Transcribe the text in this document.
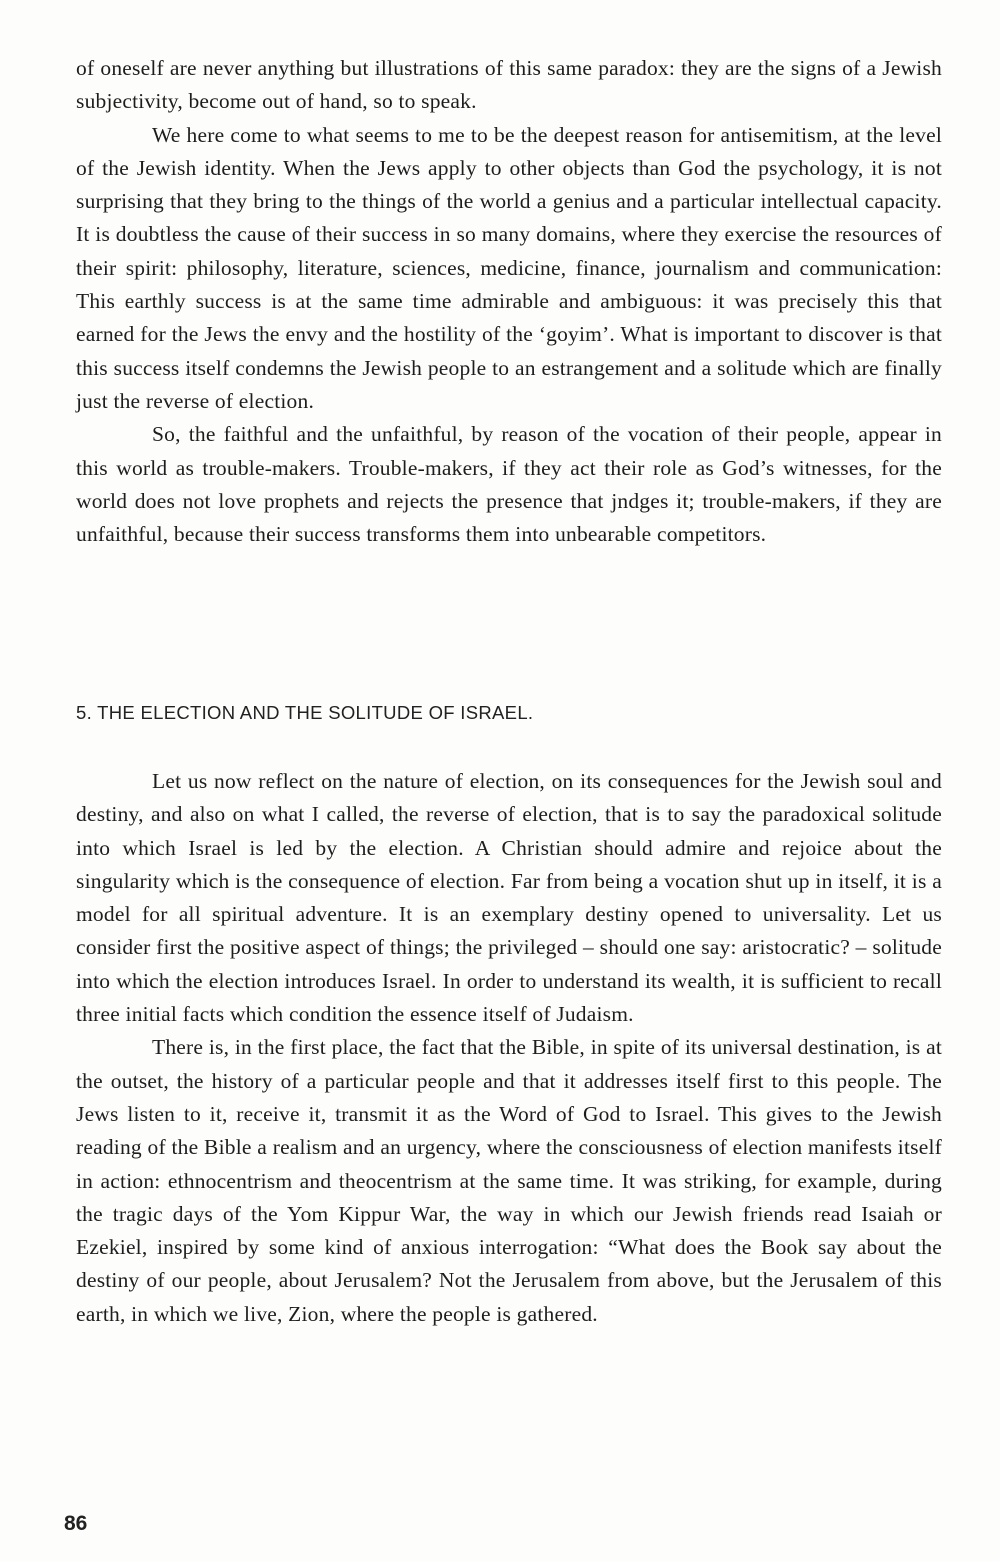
of oneself are never anything but illustrations of this same paradox: they are the signs of a Jewish subjectivity, become out of hand, so to speak.

We here come to what seems to me to be the deepest reason for antisemitism, at the level of the Jewish identity. When the Jews apply to other objects than God the psychology, it is not surprising that they bring to the things of the world a genius and a particular intellectual capacity. It is doubtless the cause of their success in so many domains, where they exercise the resources of their spirit: philosophy, literature, sciences, medicine, finance, journalism and communication: This earthly success is at the same time admirable and ambiguous: it was precisely this that earned for the Jews the envy and the hostility of the ‘goyim’. What is important to discover is that this success itself condemns the Jewish people to an estrangement and a solitude which are finally just the reverse of election.

So, the faithful and the unfaithful, by reason of the vocation of their people, appear in this world as trouble-makers. Trouble-makers, if they act their role as God’s witnesses, for the world does not love prophets and rejects the presence that jndges it; trouble-makers, if they are unfaithful, because their success transforms them into unbearable competitors.

5. THE ELECTION AND THE SOLITUDE OF ISRAEL.

Let us now reflect on the nature of election, on its consequences for the Jewish soul and destiny, and also on what I called, the reverse of election, that is to say the paradoxical solitude into which Israel is led by the election. A Christian should admire and rejoice about the singularity which is the consequence of election. Far from being a vocation shut up in itself, it is a model for all spiritual adventure. It is an exemplary destiny opened to universality. Let us consider first the positive aspect of things; the privileged – should one say: aristocratic? – solitude into which the election introduces Israel. In order to understand its wealth, it is sufficient to recall three initial facts which condition the essence itself of Judaism.

There is, in the first place, the fact that the Bible, in spite of its universal destination, is at the outset, the history of a particular people and that it addresses itself first to this people. The Jews listen to it, receive it, transmit it as the Word of God to Israel. This gives to the Jewish reading of the Bible a realism and an urgency, where the consciousness of election manifests itself in action: ethnocentrism and theocentrism at the same time. It was striking, for example, during the tragic days of the Yom Kippur War, the way in which our Jewish friends read Isaiah or Ezekiel, inspired by some kind of anxious interrogation: “What does the Book say about the destiny of our people, about Jerusalem? Not the Jerusalem from above, but the Jerusalem of this earth, in which we live, Zion, where the people is gathered.

86
